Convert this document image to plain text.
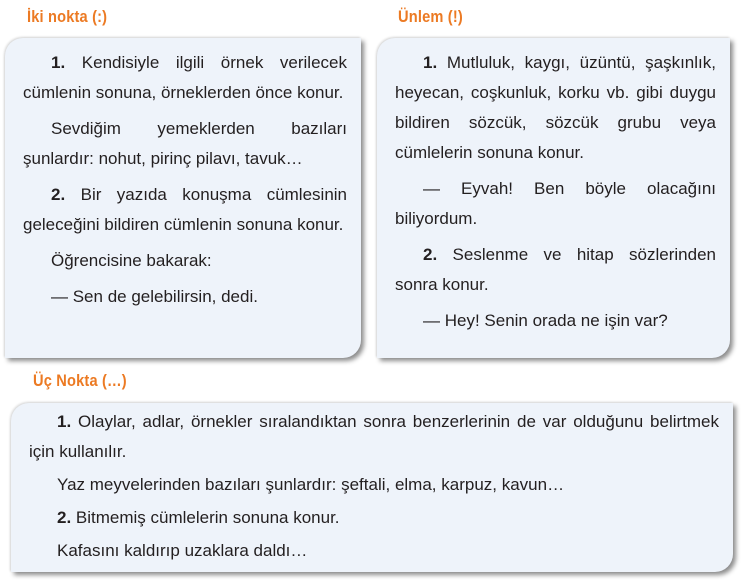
İki nokta (:)

1. Kendisiyle ilgili örnek verilecek cümlenin sonuna, örneklerden önce konur.

Sevdiğim yemeklerden bazıları şunlardır: nohut, pirinç pilavı, tavuk…

2. Bir yazıda konuşma cümlesinin geleceğini bildiren cümlenin sonuna konur.

Öğrencisine bakarak:

— Sen de gelebilirsin, dedi.

Ünlem (!)

1. Mutluluk, kaygı, üzüntü, şaşkınlık, heyecan, coşkunluk, korku vb. gibi duygu bildiren sözcük, sözcük grubu veya cümlelerin sonuna konur.

— Eyvah! Ben böyle olacağını biliyordum.

2. Seslenme ve hitap sözlerinden sonra konur.

— Hey! Senin orada ne işin var?

Üç Nokta (…)

1. Olaylar, adlar, örnekler sıralandıktan sonra benzerlerinin de var olduğunu belirtmek için kullanılır.

Yaz meyvelerinden bazıları şunlardır: şeftali, elma, karpuz, kavun…

2. Bitmemiş cümlelerin sonuna konur.

Kafasını kaldırıp uzaklara daldı…
